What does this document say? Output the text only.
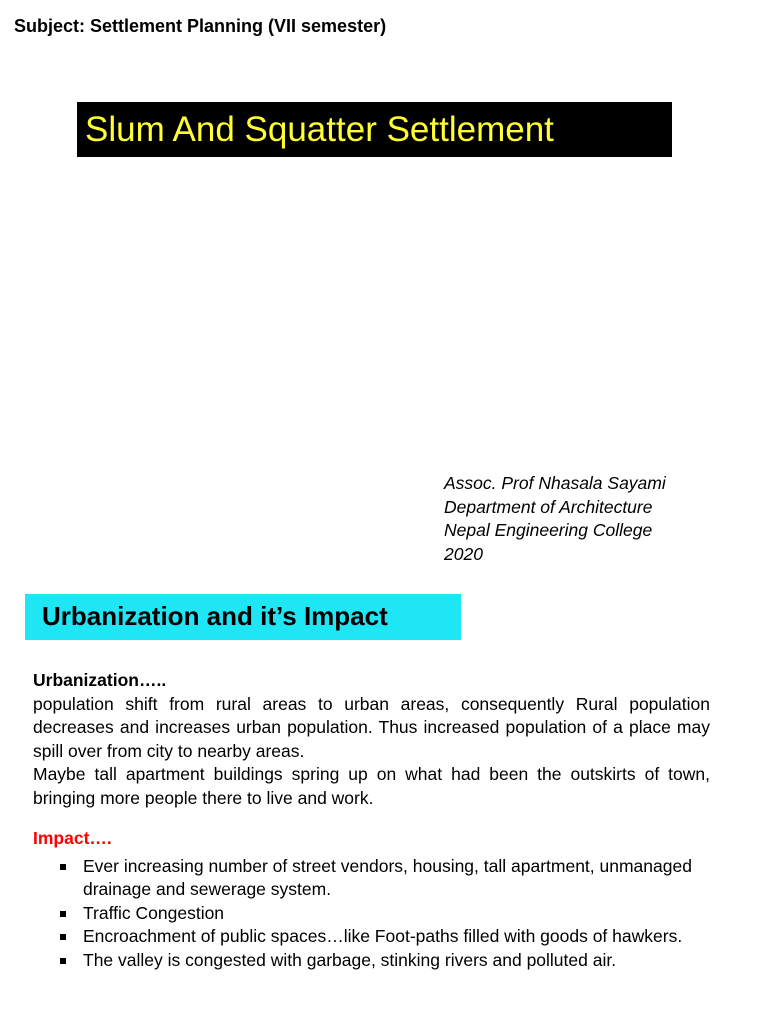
Subject: Settlement Planning (VII semester)
Slum And Squatter Settlement
Assoc. Prof Nhasala Sayami
Department of Architecture
Nepal Engineering College
2020
Urbanization and it’s Impact
Urbanization…..

population shift from rural areas to urban areas, consequently Rural population decreases and increases urban population. Thus increased population of a place may spill over from city to nearby areas.

Maybe tall apartment buildings spring up on what had been the outskirts of town, bringing more people there to live and work.

Impact….
Ever increasing number of street vendors, housing, tall apartment, unmanaged drainage and sewerage system.
Traffic Congestion
Encroachment of public spaces…like Foot-paths filled with goods of hawkers.
The valley is congested with garbage, stinking rivers and polluted air.
